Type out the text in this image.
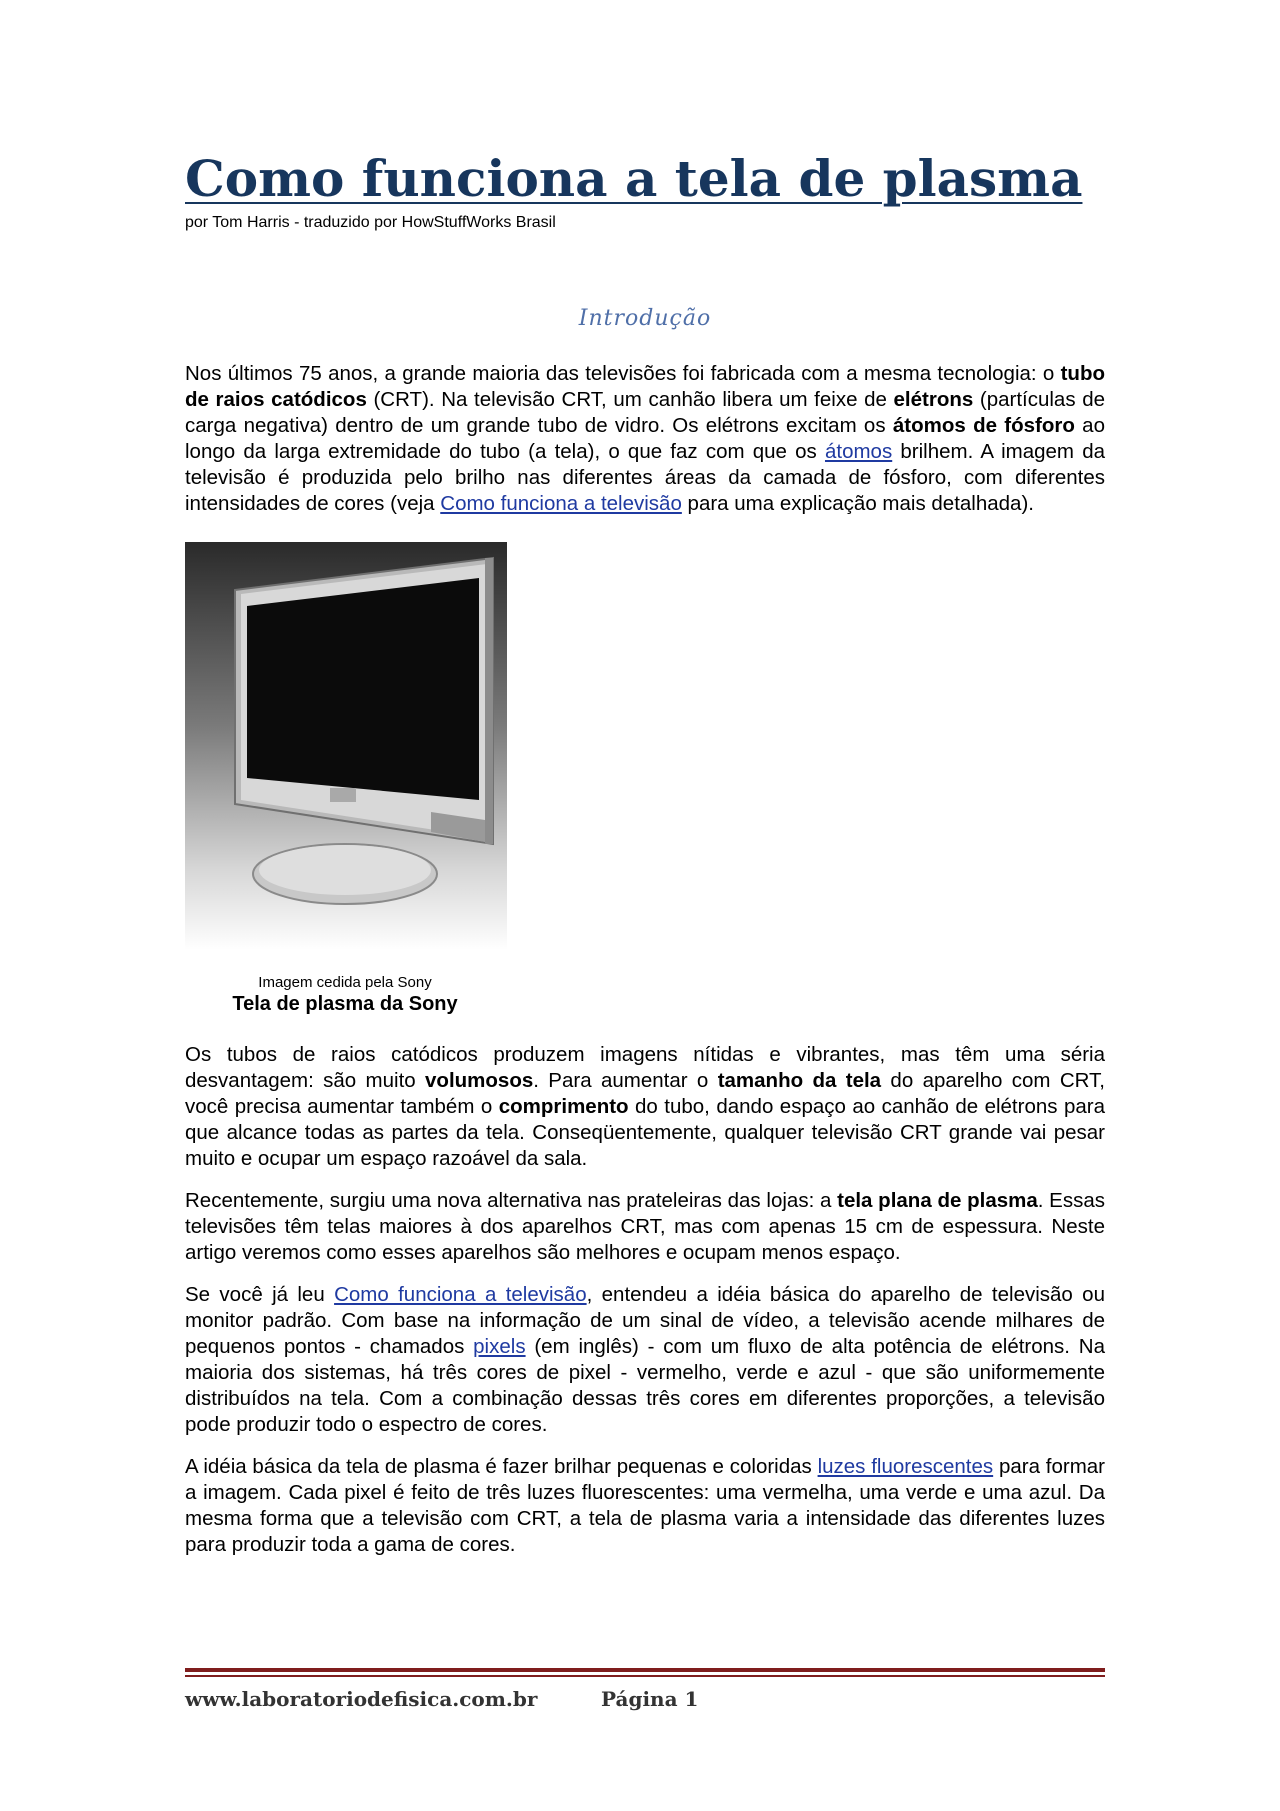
Como funciona a tela de plasma
por Tom Harris - traduzido por HowStuffWorks Brasil
Introdução

Nos últimos 75 anos, a grande maioria das televisões foi fabricada com a mesma tecnologia: o tubo de raios catódicos (CRT). Na televisão CRT, um canhão libera um feixe de elétrons (partículas de carga negativa) dentro de um grande tubo de vidro. Os elétrons excitam os átomos de fósforo ao longo da larga extremidade do tubo (a tela), o que faz com que os átomos brilhem. A imagem da televisão é produzida pelo brilho nas diferentes áreas da camada de fósforo, com diferentes intensidades de cores (veja Como funciona a televisão para uma explicação mais detalhada).

Imagem cedida pela Sony
Tela de plasma da Sony

Os tubos de raios catódicos produzem imagens nítidas e vibrantes, mas têm uma séria desvantagem: são muito volumosos. Para aumentar o tamanho da tela do aparelho com CRT, você precisa aumentar também o comprimento do tubo, dando espaço ao canhão de elétrons para que alcance todas as partes da tela. Conseqüentemente, qualquer televisão CRT grande vai pesar muito e ocupar um espaço razoável da sala.

Recentemente, surgiu uma nova alternativa nas prateleiras das lojas: a tela plana de plasma. Essas televisões têm telas maiores à dos aparelhos CRT, mas com apenas 15 cm de espessura. Neste artigo veremos como esses aparelhos são melhores e ocupam menos espaço.

Se você já leu Como funciona a televisão, entendeu a idéia básica do aparelho de televisão ou monitor padrão. Com base na informação de um sinal de vídeo, a televisão acende milhares de pequenos pontos - chamados pixels (em inglês) - com um fluxo de alta potência de elétrons. Na maioria dos sistemas, há três cores de pixel - vermelho, verde e azul - que são uniformemente distribuídos na tela. Com a combinação dessas três cores em diferentes proporções, a televisão pode produzir todo o espectro de cores.

A idéia básica da tela de plasma é fazer brilhar pequenas e coloridas luzes fluorescentes para formar a imagem. Cada pixel é feito de três luzes fluorescentes: uma vermelha, uma verde e uma azul. Da mesma forma que a televisão com CRT, a tela de plasma varia a intensidade das diferentes luzes para produzir toda a gama de cores.

www.laboratoriodefisica.com.br	Página 1
